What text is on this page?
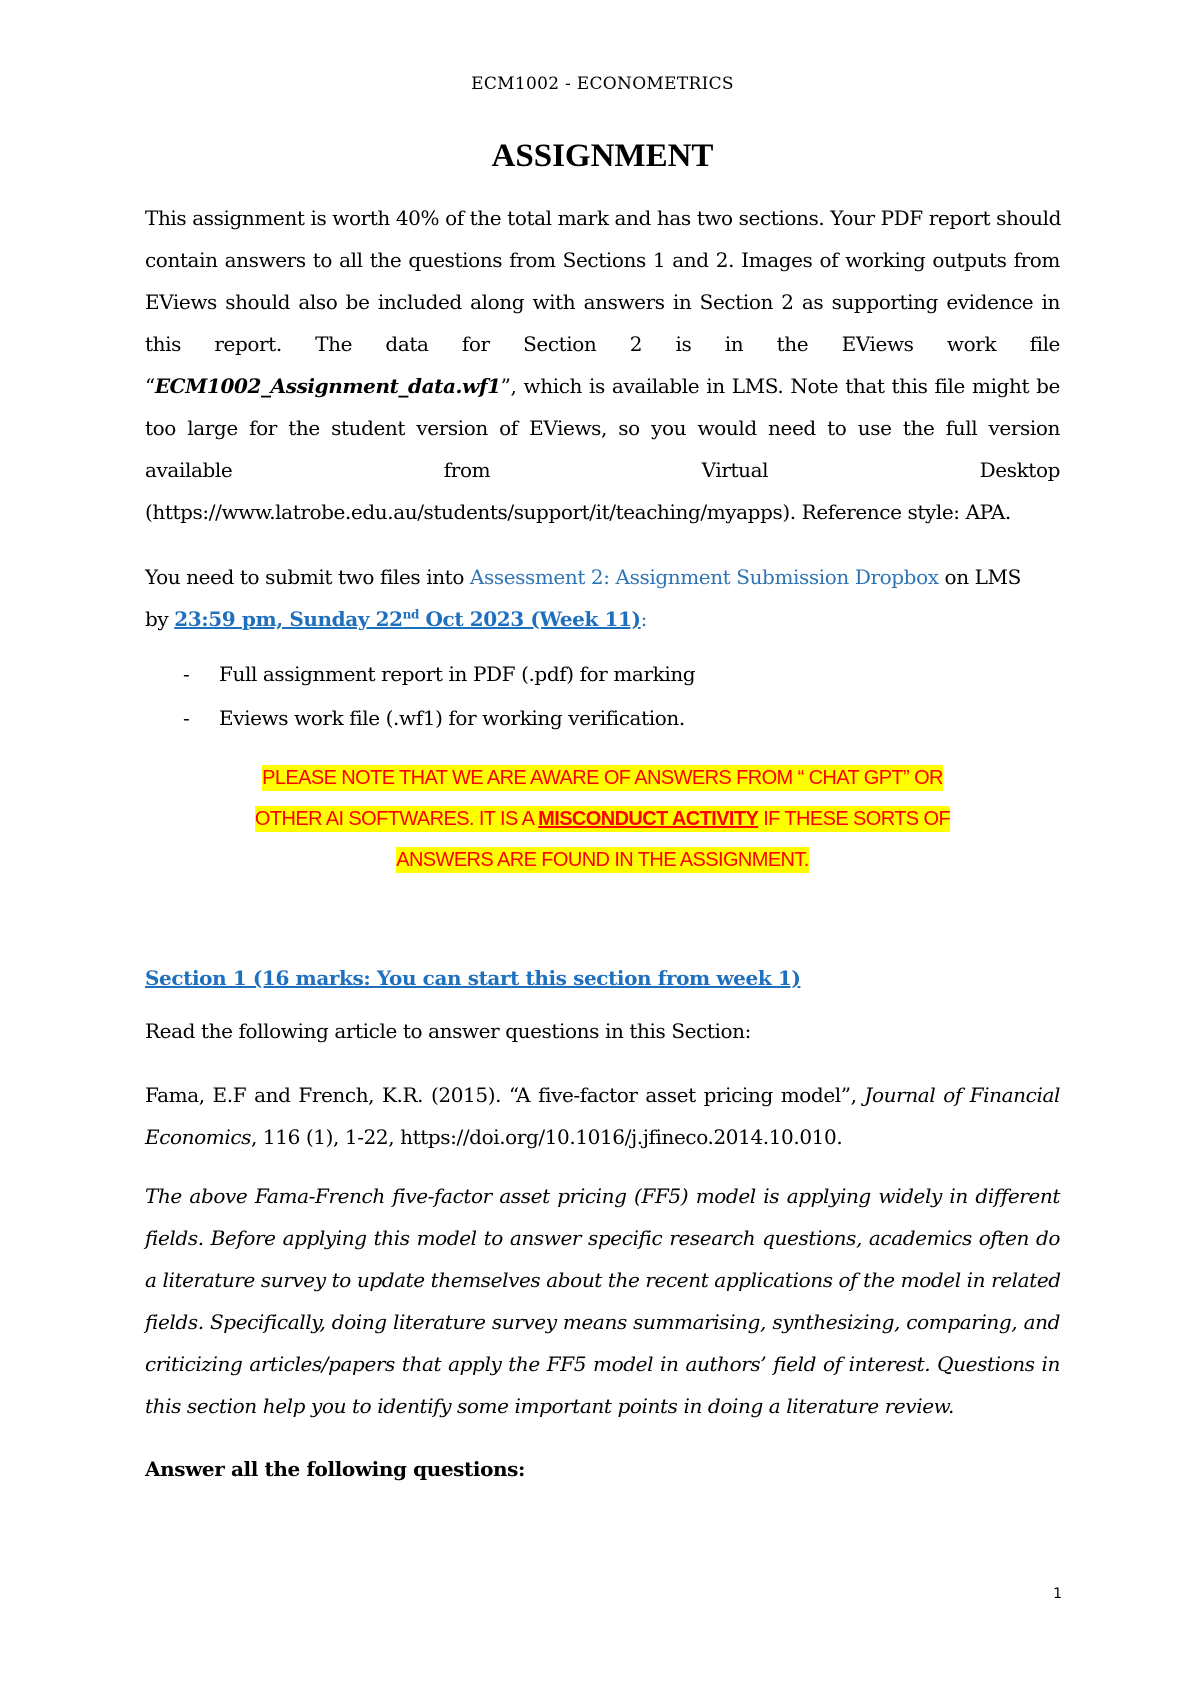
ECM1002 - ECONOMETRICS
ASSIGNMENT
This assignment is worth 40% of the total mark and has two sections. Your PDF report should
contain answers to all the questions from Sections 1 and 2. Images of working outputs from
EViews should also be included along with answers in Section 2 as supporting evidence in
this report. The data for Section 2 is in the EViews work file
“ECM1002_Assignment_data.wf1”, which is available in LMS. Note that this file might be
too large for the student version of EViews, so you would need to use the full version
available from Virtual Desktop
(https://www.latrobe.edu.au/students/support/it/teaching/myapps). Reference style: APA.
You need to submit two files into Assessment 2: Assignment Submission Dropbox on LMS
by 23:59 pm, Sunday 22nd Oct 2023 (Week 11):
- Full assignment report in PDF (.pdf) for marking
- Eviews work file (.wf1) for working verification.
PLEASE NOTE THAT WE ARE AWARE OF ANSWERS FROM “ CHAT GPT” OR
OTHER AI SOFTWARES. IT IS A MISCONDUCT ACTIVITY IF THESE SORTS OF
ANSWERS ARE FOUND IN THE ASSIGNMENT.
Section 1 (16 marks: You can start this section from week 1)
Read the following article to answer questions in this Section:
Fama, E.F and French, K.R. (2015). “A five-factor asset pricing model”, Journal of Financial
Economics, 116 (1), 1-22, https://doi.org/10.1016/j.jfineco.2014.10.010.
The above Fama-French five-factor asset pricing (FF5) model is applying widely in different
fields. Before applying this model to answer specific research questions, academics often do
a literature survey to update themselves about the recent applications of the model in related
fields. Specifically, doing literature survey means summarising, synthesizing, comparing, and
criticizing articles/papers that apply the FF5 model in authors’ field of interest. Questions in
this section help you to identify some important points in doing a literature review.
Answer all the following questions:
1
